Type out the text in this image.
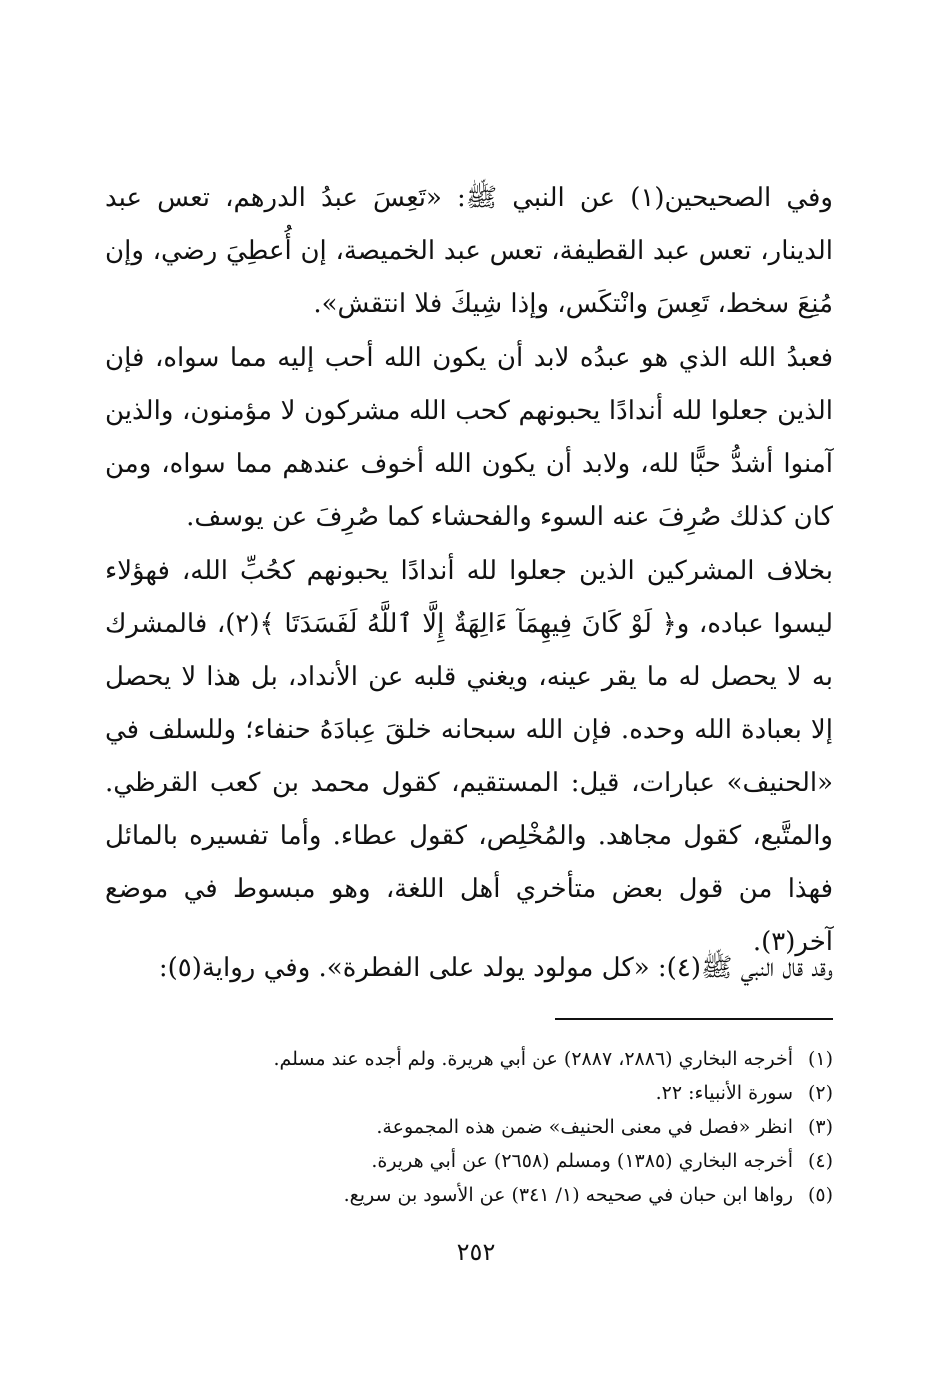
وفي الصحيحين(١) عن النبي ﷺ: «تَعِسَ عبدُ الدرهم، تعس عبد الدينار، تعس عبد القطيفة، تعس عبد الخميصة، إن أُعطِيَ رضي، وإن مُنِعَ سخط، تَعِسَ وانْتكَس، وإذا شِيكَ فلا انتقش».

فعبدُ الله الذي هو عبدُه لابد أن يكون الله أحب إليه مما سواه، فإن الذين جعلوا لله أندادًا يحبونهم كحب الله مشركون لا مؤمنون، والذين آمنوا أشدُّ حبًّا لله، ولابد أن يكون الله أخوف عندهم مما سواه، ومن كان كذلك صُرِفَ عنه السوء والفحشاء كما صُرِفَ عن يوسف.

بخلاف المشركين الذين جعلوا لله أندادًا يحبونهم كحُبِّ الله، فهؤلاء ليسوا عباده، و﴿ لَوْ كَانَ فِيهِمَآ ءَالِهَةٌ إِلَّا ٱللَّهُ لَفَسَدَتَا ﴾(٢)، فالمشرك به لا يحصل له ما يقر عينه، ويغني قلبه عن الأنداد، بل هذا لا يحصل إلا بعبادة الله وحده. فإن الله سبحانه خلقَ عِبادَهُ حنفاء؛ وللسلف في «الحنيف» عبارات، قيل: المستقيم، كقول محمد بن كعب القرظي. والمتَّبع، كقول مجاهد. والمُخْلِص، كقول عطاء. وأما تفسيره بالمائل فهذا من قول بعض متأخري أهل اللغة، وهو مبسوط في موضع آخر(٣).

وقد قال النبي ﷺ(٤): «كل مولود يولد على الفطرة». وفي رواية(٥):

(١)
أخرجه البخاري (٢٨٨٦، ٢٨٨٧) عن أبي هريرة. ولم أجده عند مسلم.
(٢)
سورة الأنبياء: ٢٢.
(٣)
انظر «فصل في معنى الحنيف» ضمن هذه المجموعة.
(٤)
أخرجه البخاري (١٣٨٥) ومسلم (٢٦٥٨) عن أبي هريرة.
(٥)
رواها ابن حبان في صحيحه (١/ ٣٤١) عن الأسود بن سريع.
٢٥٢
